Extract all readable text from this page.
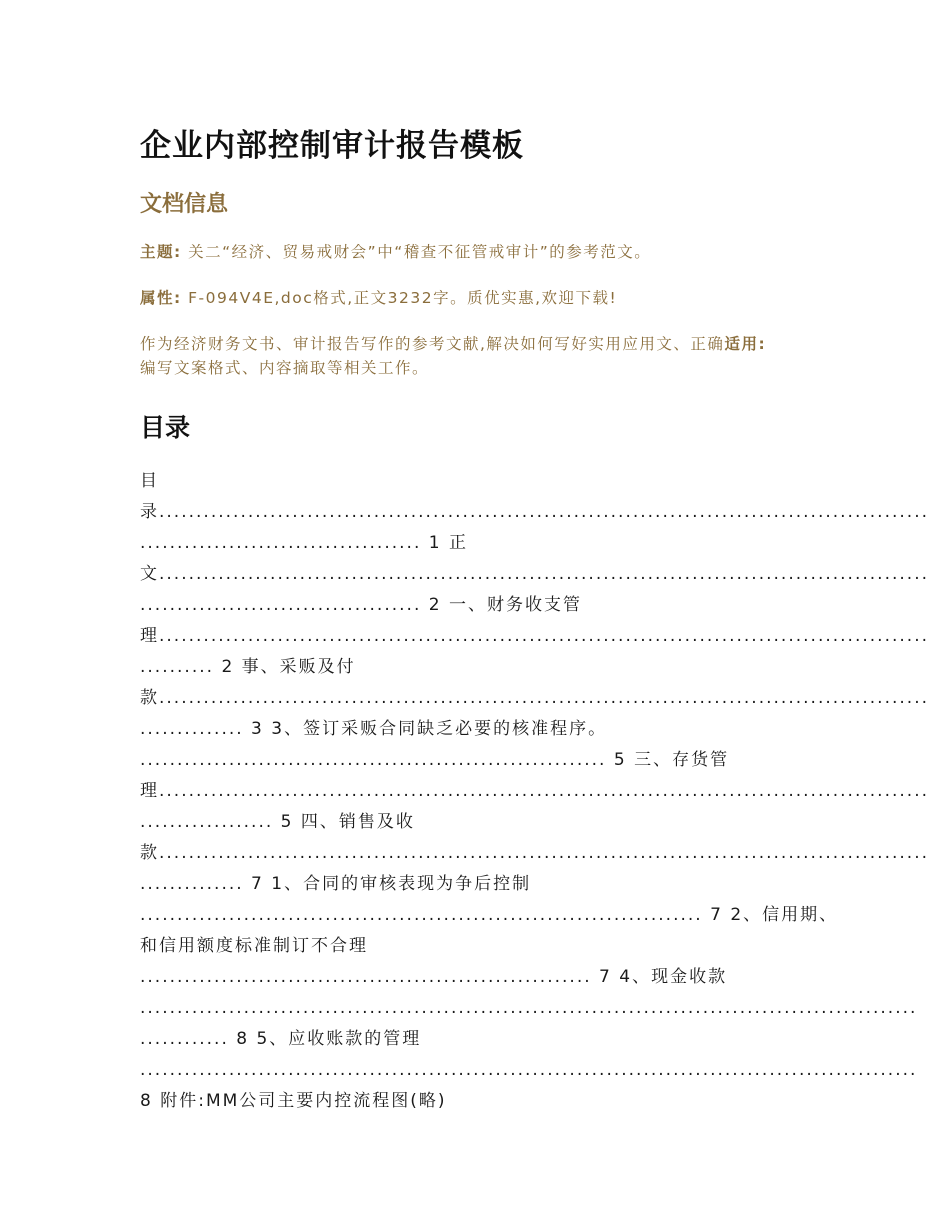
企业内部控制审计报告模板
文档信息

主题: 关二“经济、贸易戒财会”中“稽查不征管戒审计”的参考范文。

属性: F-094V4E,doc格式,正文3232字。质优实惠,欢迎下载!

作为经济财务文书、审计报告写作的参考文献,解决如何写好实用应用文、正确适用:
编写文案格式、内容摘取等相关工作。

目录
目
录........................................................................................................
...................................... 1 正
文........................................................................................................
...................................... 2 一、财务收支管
理........................................................................................................
.......... 2 事、采贩及付
款........................................................................................................
.............. 3 3、签订采贩合同缺乏必要的核准程序。
............................................................... 5 三、存货管
理........................................................................................................
.................. 5 四、销售及收
款........................................................................................................
.............. 7 1、合同的审核表现为争后控制
............................................................................ 7 2、信用期、
和信用额度标准制订不合理
............................................................. 7 4、现金收款
.........................................................................................................
............ 8 5、应收账款的管理
.........................................................................................................
8 附件:MM公司主要内控流程图(略)
